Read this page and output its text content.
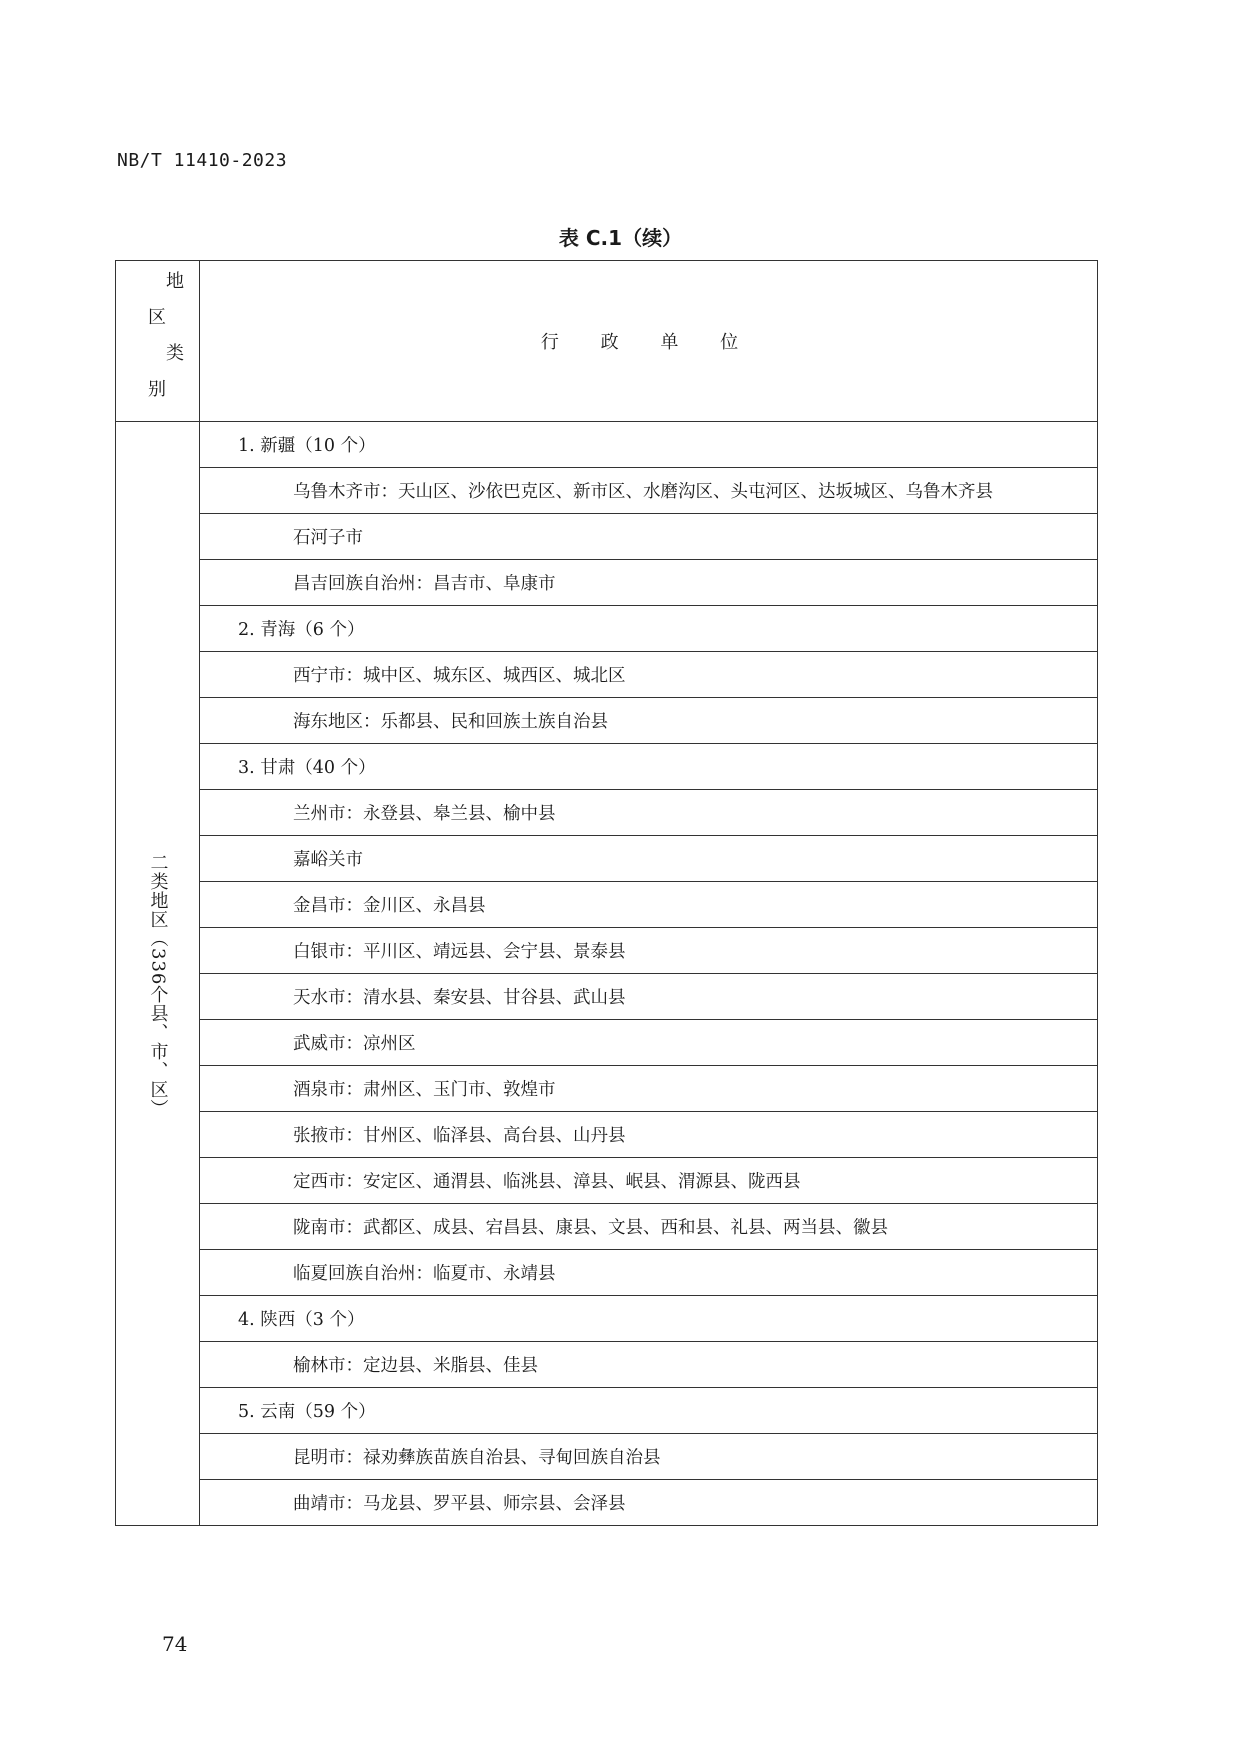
NB/T 11410-2023
表 C.1（续）
地
区
类
别	行 政 单 位
二类地区（336个县、市、区）	1. 新疆（10 个）
	乌鲁木齐市：天山区、沙依巴克区、新市区、水磨沟区、头屯河区、达坂城区、乌鲁木齐县
	石河子市
	昌吉回族自治州：昌吉市、阜康市
	2. 青海（6 个）
	西宁市：城中区、城东区、城西区、城北区
	海东地区：乐都县、民和回族土族自治县
	3. 甘肃（40 个）
	兰州市：永登县、皋兰县、榆中县
	嘉峪关市
	金昌市：金川区、永昌县
	白银市：平川区、靖远县、会宁县、景泰县
	天水市：清水县、秦安县、甘谷县、武山县
	武威市：凉州区
	酒泉市：肃州区、玉门市、敦煌市
	张掖市：甘州区、临泽县、高台县、山丹县
	定西市：安定区、通渭县、临洮县、漳县、岷县、渭源县、陇西县
	陇南市：武都区、成县、宕昌县、康县、文县、西和县、礼县、两当县、徽县
	临夏回族自治州：临夏市、永靖县
	4. 陕西（3 个）
	榆林市：定边县、米脂县、佳县
	5. 云南（59 个）
	昆明市：禄劝彝族苗族自治县、寻甸回族自治县
	曲靖市：马龙县、罗平县、师宗县、会泽县
74
